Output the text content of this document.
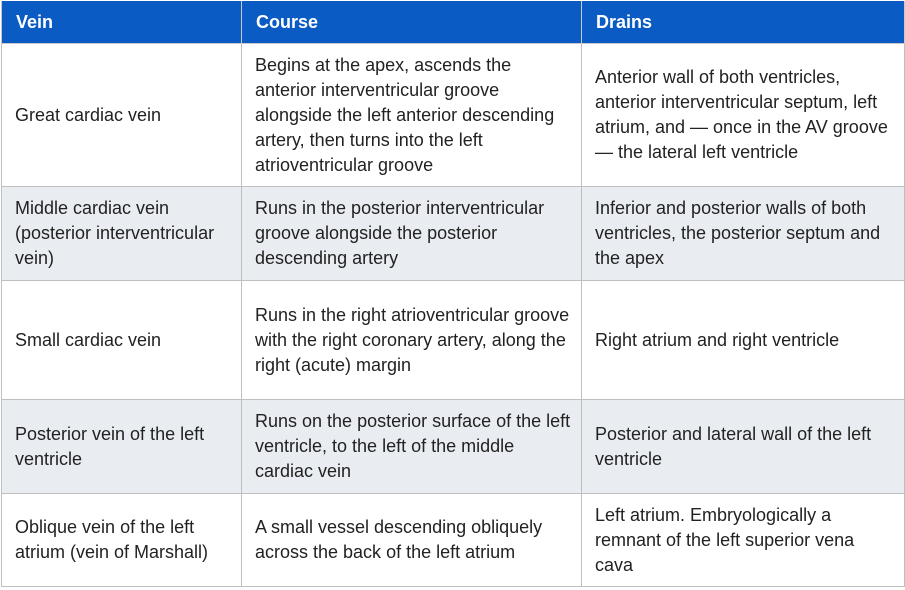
Vein	Course	Drains
Great cardiac vein	Begins at the apex, ascends the anterior interventricular groove alongside the left anterior descending artery, then turns into the left atrioventricular groove	Anterior wall of both ventricles, anterior interventricular septum, left atrium, and — once in the AV groove — the lateral left ventricle
Middle cardiac vein (posterior interventricular vein)	Runs in the posterior interventricular groove alongside the posterior descending artery	Inferior and posterior walls of both ventricles, the posterior septum and the apex
Small cardiac vein	Runs in the right atrioventricular groove with the right coronary artery, along the right (acute) margin	Right atrium and right ventricle
Posterior vein of the left ventricle	Runs on the posterior surface of the left ventricle, to the left of the middle cardiac vein	Posterior and lateral wall of the left ventricle
Oblique vein of the left atrium (vein of Marshall)	A small vessel descending obliquely across the back of the left atrium	Left atrium. Embryologically a remnant of the left superior vena cava
